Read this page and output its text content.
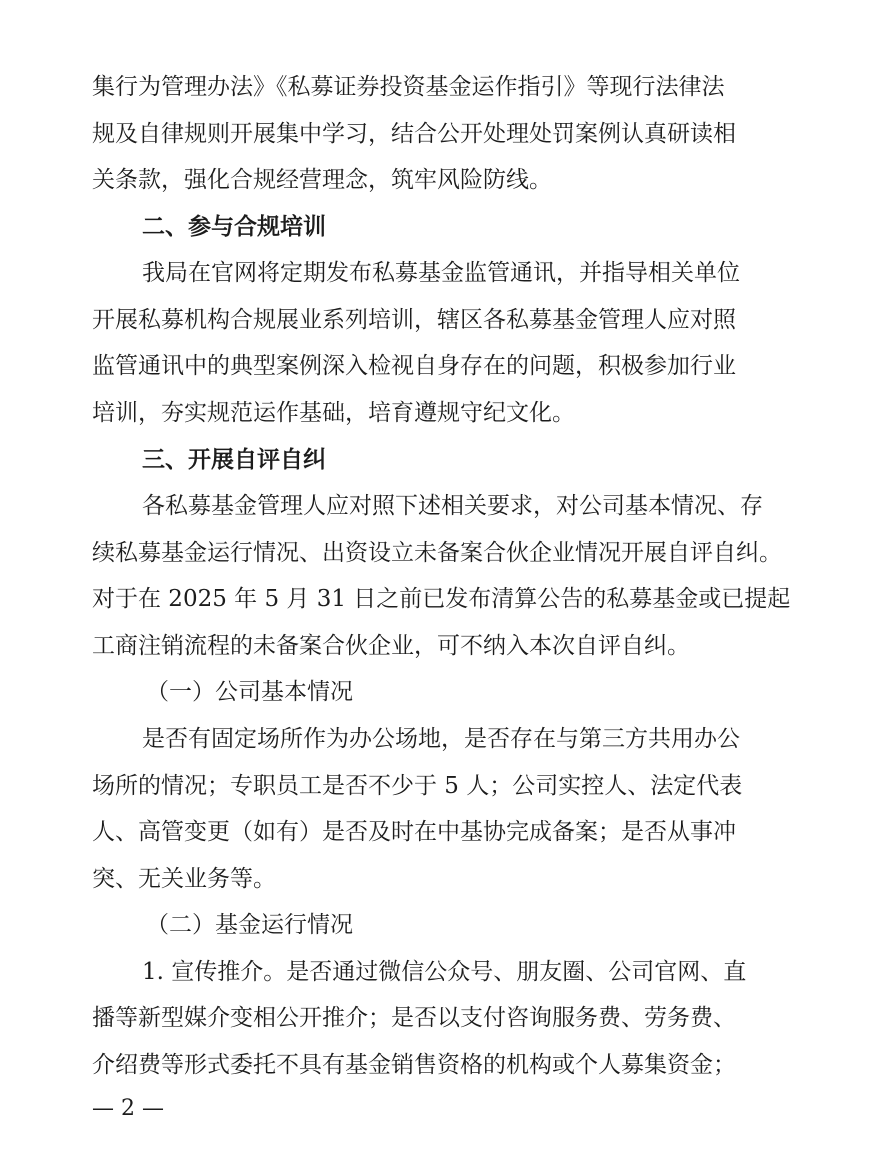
集行为管理办法》《私募证券投资基金运作指引》等现行法律法
规及自律规则开展集中学习，结合公开处理处罚案例认真研读相
关条款，强化合规经营理念，筑牢风险防线。
二、参与合规培训
我局在官网将定期发布私募基金监管通讯，并指导相关单位
开展私募机构合规展业系列培训，辖区各私募基金管理人应对照
监管通讯中的典型案例深入检视自身存在的问题，积极参加行业
培训，夯实规范运作基础，培育遵规守纪文化。
三、开展自评自纠
各私募基金管理人应对照下述相关要求，对公司基本情况、存
续私募基金运行情况、出资设立未备案合伙企业情况开展自评自纠。
对于在 2025 年 5 月 31 日之前已发布清算公告的私募基金或已提起
工商注销流程的未备案合伙企业，可不纳入本次自评自纠。
（一）公司基本情况
是否有固定场所作为办公场地，是否存在与第三方共用办公
场所的情况；专职员工是否不少于 5 人；公司实控人、法定代表
人、高管变更（如有）是否及时在中基协完成备案；是否从事冲
突、无关业务等。
（二）基金运行情况
1. 宣传推介。是否通过微信公众号、朋友圈、公司官网、直
播等新型媒介变相公开推介；是否以支付咨询服务费、劳务费、
介绍费等形式委托不具有基金销售资格的机构或个人募集资金；
— 2 —
